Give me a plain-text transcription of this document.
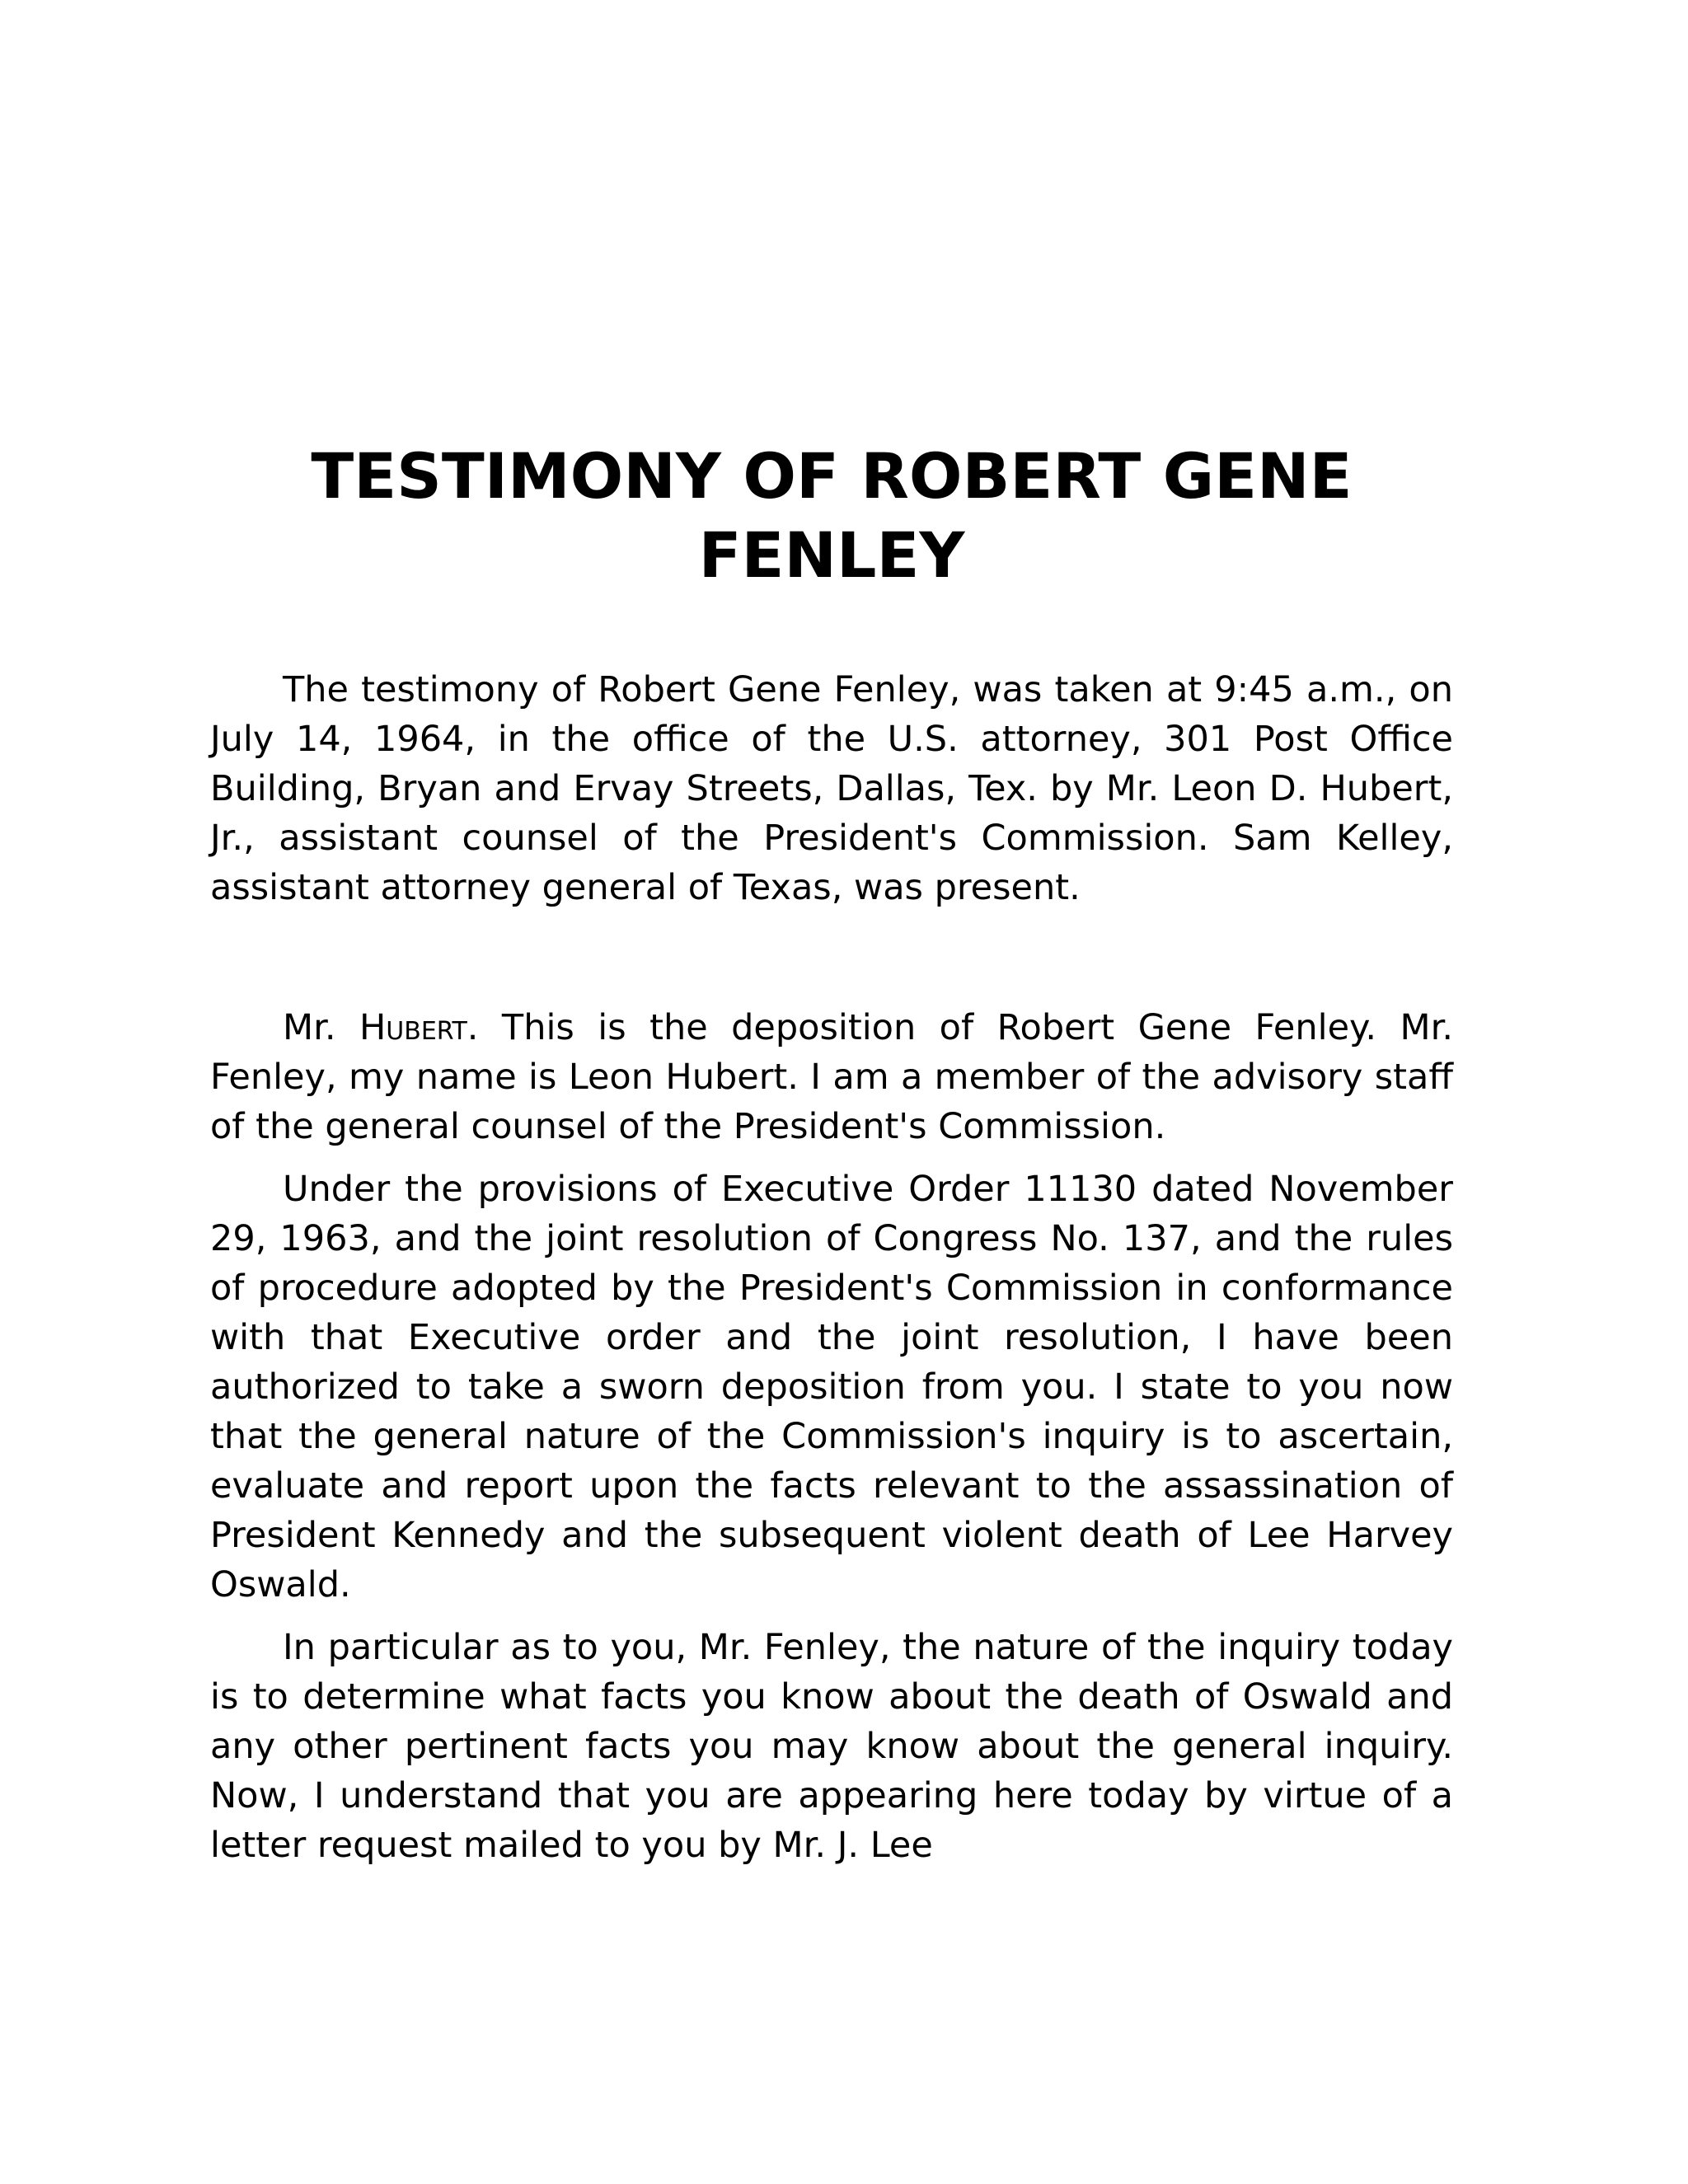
TESTIMONY OF ROBERT GENE FENLEY

The testimony of Robert Gene Fenley, was taken at 9:45 a.m., on July 14, 1964, in the office of the U.S. attorney, 301 Post Office Building, Bryan and Ervay Streets, Dallas, Tex. by Mr. Leon D. Hubert, Jr., assistant counsel of the President's Commission. Sam Kelley, assistant attorney general of Texas, was present.

Mr. Hubert. This is the deposition of Robert Gene Fenley. Mr. Fenley, my name is Leon Hubert. I am a member of the advisory staff of the general counsel of the President's Commission.

Under the provisions of Executive Order 11130 dated November 29, 1963, and the joint resolution of Congress No. 137, and the rules of procedure adopted by the President's Commission in conformance with that Executive order and the joint resolution, I have been authorized to take a sworn deposition from you. I state to you now that the general nature of the Commission's inquiry is to ascertain, evaluate and report upon the facts relevant to the assassination of President Kennedy and the subsequent violent death of Lee Harvey Oswald.

In particular as to you, Mr. Fenley, the nature of the inquiry today is to determine what facts you know about the death of Oswald and any other pertinent facts you may know about the general inquiry. Now, I understand that you are appearing here today by virtue of a letter request mailed to you by Mr. J. Lee
